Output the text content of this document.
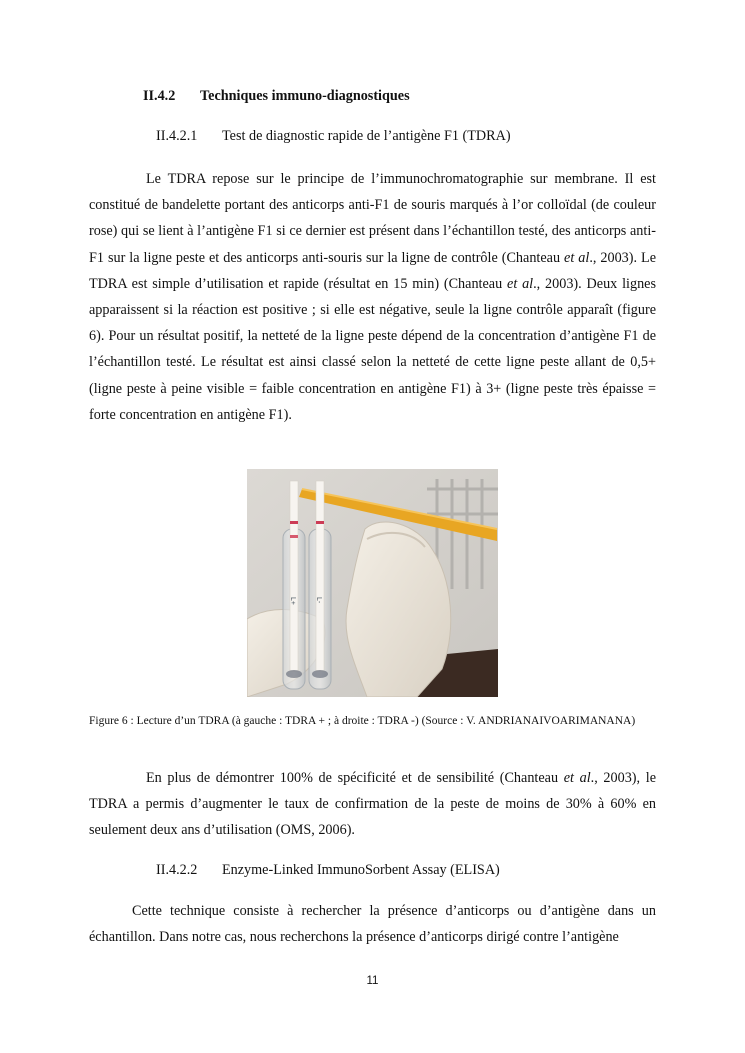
II.4.2 Techniques immuno-diagnostiques
II.4.2.1 Test de diagnostic rapide de l’antigène F1 (TDRA)

Le TDRA repose sur le principe de l’immunochromatographie sur membrane. Il est constitué de bandelette portant des anticorps anti-F1 de souris marqués à l’or colloïdal (de couleur rose) qui se lient à l’antigène F1 si ce dernier est présent dans l’échantillon testé, des anticorps anti-F1 sur la ligne peste et des anticorps anti-souris sur la ligne de contrôle (Chanteau et al., 2003). Le TDRA est simple d’utilisation et rapide (résultat en 15 min) (Chanteau et al., 2003). Deux lignes apparaissent si la réaction est positive ; si elle est négative, seule la ligne contrôle apparaît (figure 6). Pour un résultat positif, la netteté de la ligne peste dépend de la concentration d’antigène F1 de l’échantillon testé. Le résultat est ainsi classé selon la netteté de cette ligne peste allant de 0,5+ (ligne peste à peine visible = faible concentration en antigène F1) à 3+ (ligne peste très épaisse = forte concentration en antigène F1).

L+	L-

Figure 6 : Lecture d’un TDRA (à gauche : TDRA + ; à droite : TDRA -) (Source : V. ANDRIANAIVOARIMANANA)

En plus de démontrer 100% de spécificité et de sensibilité (Chanteau et al., 2003), le TDRA a permis d’augmenter le taux de confirmation de la peste de moins de 30% à 60% en seulement deux ans d’utilisation (OMS, 2006).

II.4.2.2 Enzyme-Linked ImmunoSorbent Assay (ELISA)

Cette technique consiste à rechercher la présence d’anticorps ou d’antigène dans un échantillon. Dans notre cas, nous recherchons la présence d’anticorps dirigé contre l’antigène

11
